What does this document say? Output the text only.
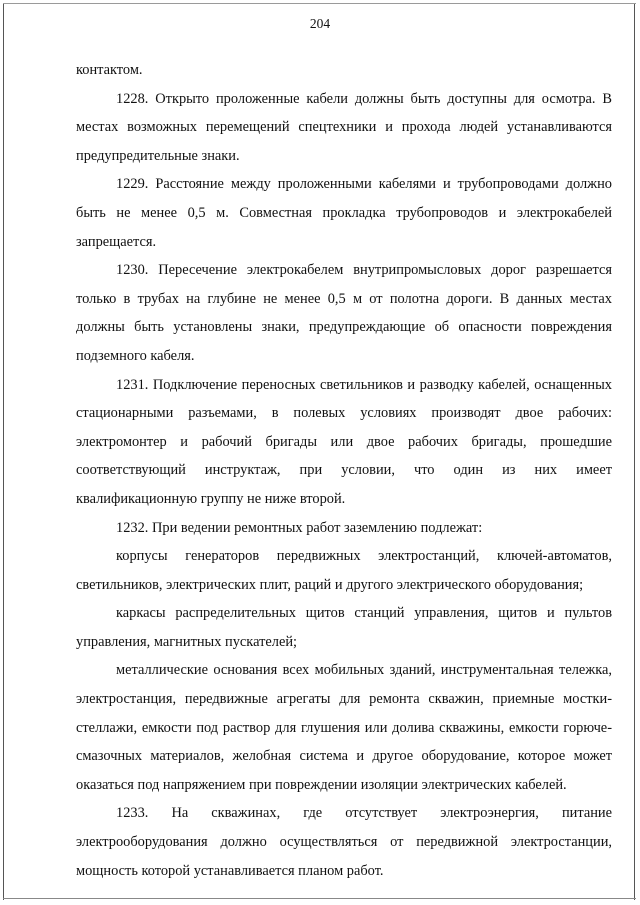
204

контактом.

1228. Открыто проложенные кабели должны быть доступны для осмотра. В местах возможных перемещений спецтехники и прохода людей устанавливаются предупредительные знаки.

1229. Расстояние между проложенными кабелями и трубопроводами должно быть не менее 0,5 м. Совместная прокладка трубопроводов и электрокабелей запрещается.

1230. Пересечение электрокабелем внутрипромысловых дорог разрешается только в трубах на глубине не менее 0,5 м от полотна дороги. В данных местах должны быть установлены знаки, предупреждающие об опасности повреждения подземного кабеля.

1231. Подключение переносных светильников и разводку кабелей, оснащенных стационарными разъемами, в полевых условиях производят двое рабочих: электромонтер и рабочий бригады или двое рабочих бригады, прошедшие соответствующий инструктаж, при условии, что один из них имеет квалификационную группу не ниже второй.

1232. При ведении ремонтных работ заземлению подлежат:

корпусы генераторов передвижных электростанций, ключей-автоматов, светильников, электрических плит, раций и другого электрического оборудования;

каркасы распределительных щитов станций управления, щитов и пультов управления, магнитных пускателей;

металлические основания всех мобильных зданий, инструментальная тележка, электростанция, передвижные агрегаты для ремонта скважин, приемные мостки-стеллажи, емкости под раствор для глушения или долива скважины, емкости горюче-смазочных материалов, желобная система и другое оборудование, которое может оказаться под напряжением при повреждении изоляции электрических кабелей.

1233. На скважинах, где отсутствует электроэнергия, питание электрооборудования должно осуществляться от передвижной электростанции, мощность которой устанавливается планом работ.
